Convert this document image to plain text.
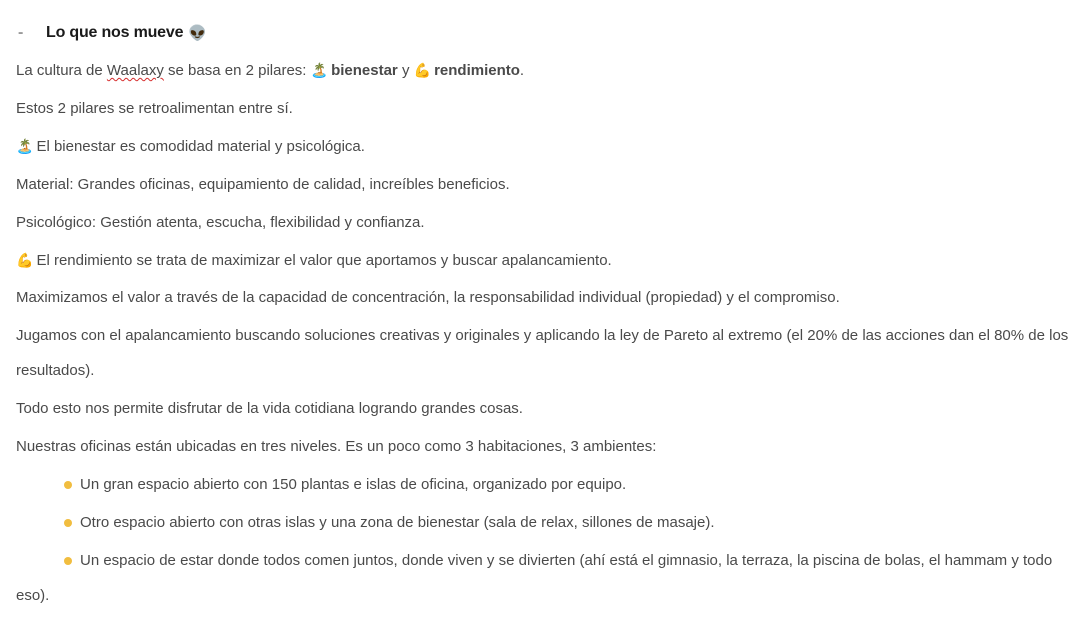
-	Lo que nos mueve 👽
La cultura de Waalaxy se basa en 2 pilares: 🏝️ bienestar y 💪 rendimiento.
Estos 2 pilares se retroalimentan entre sí.
🏝️ El bienestar es comodidad material y psicológica.
Material: Grandes oficinas, equipamiento de calidad, increíbles beneficios.
Psicológico: Gestión atenta, escucha, flexibilidad y confianza.
💪 El rendimiento se trata de maximizar el valor que aportamos y buscar apalancamiento.
Maximizamos el valor a través de la capacidad de concentración, la responsabilidad individual (propiedad) y el compromiso.
Jugamos con el apalancamiento buscando soluciones creativas y originales y aplicando la ley de Pareto al extremo (el 20% de las acciones dan el 80% de los resultados).
Todo esto nos permite disfrutar de la vida cotidiana logrando grandes cosas.
Nuestras oficinas están ubicadas en tres niveles. Es un poco como 3 habitaciones, 3 ambientes:
Un gran espacio abierto con 150 plantas e islas de oficina, organizado por equipo.
Otro espacio abierto con otras islas y una zona de bienestar (sala de relax, sillones de masaje).
Un espacio de estar donde todos comen juntos, donde viven y se divierten (ahí está el gimnasio, la terraza, la piscina de bolas, el hammam y todo eso).
